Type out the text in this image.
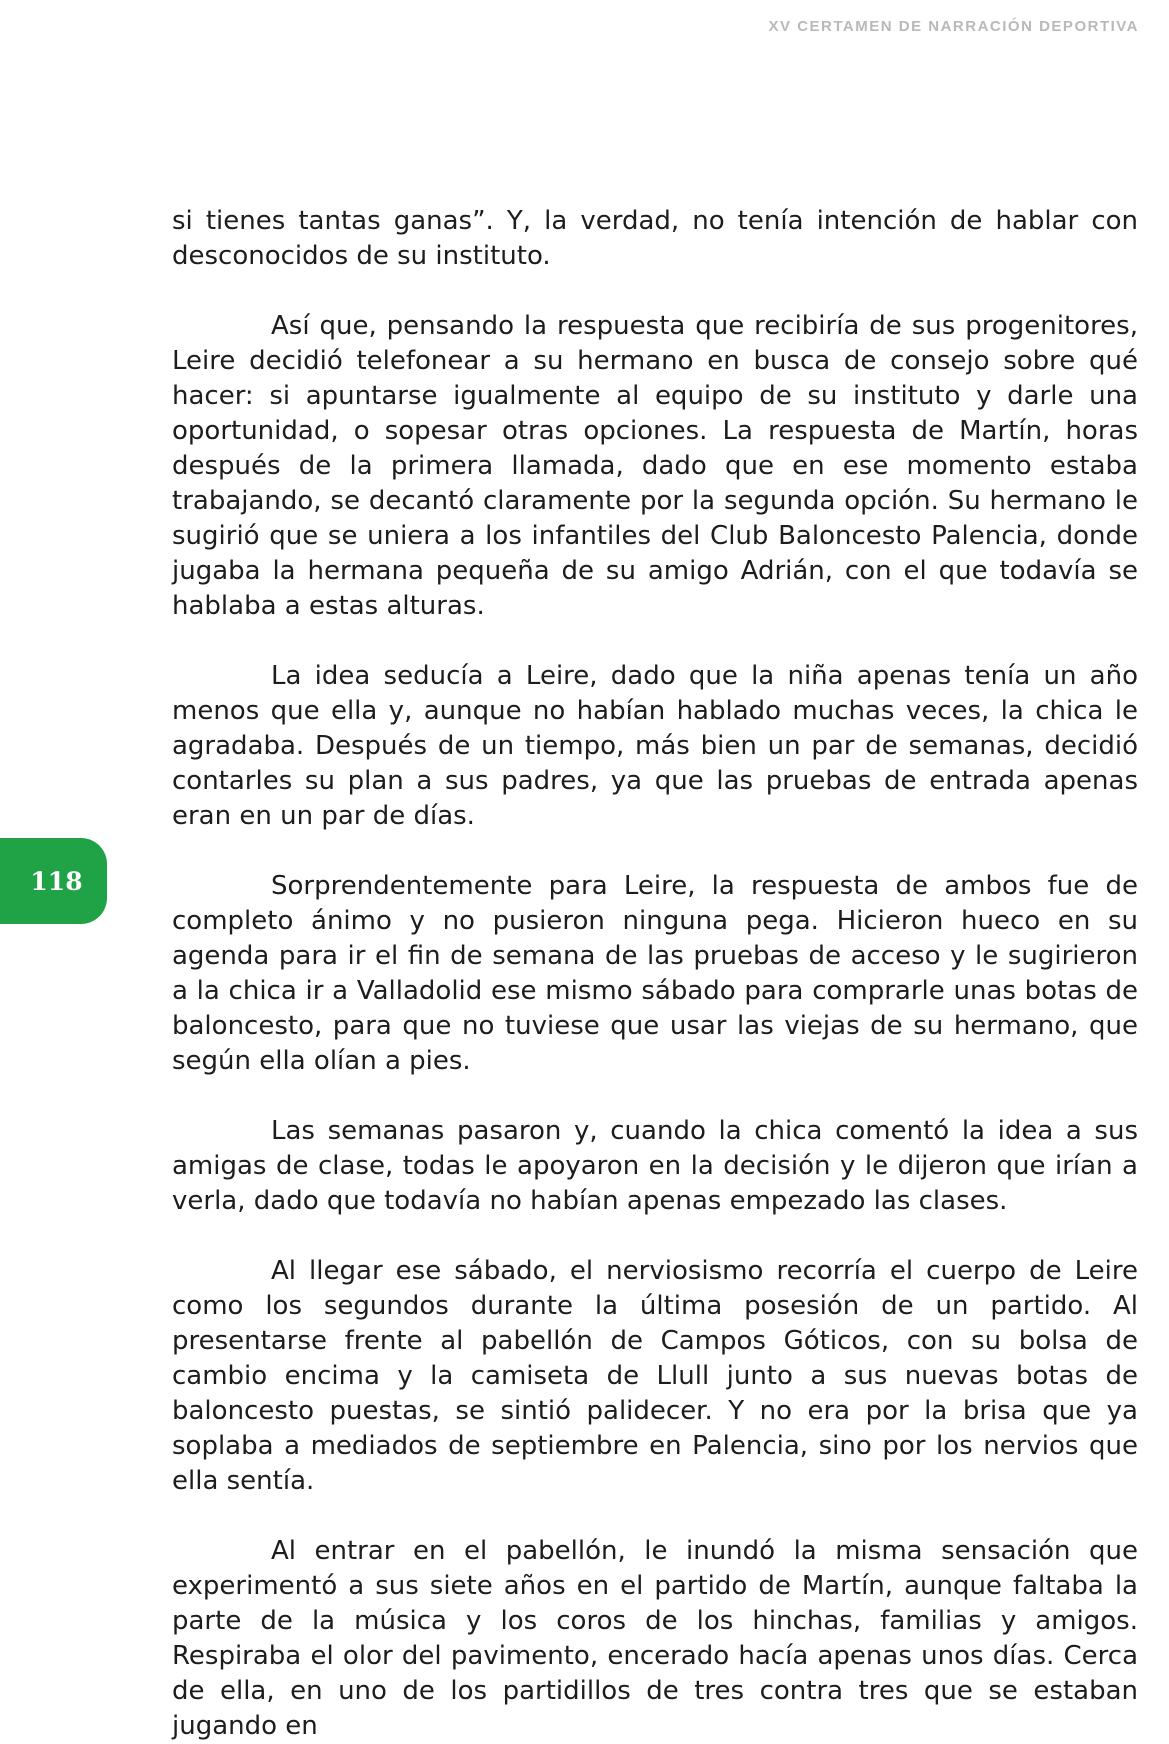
XV CERTAMEN DE NARRACIÓN DEPORTIVA
118

si tienes tantas ganas”. Y, la verdad, no tenía intención de hablar con desconocidos de su instituto.

Así que, pensando la respuesta que recibiría de sus progenitores, Leire decidió telefonear a su hermano en busca de consejo sobre qué hacer: si apuntarse igualmente al equipo de su instituto y darle una oportunidad, o sopesar otras opciones. La respuesta de Martín, horas después de la primera llamada, dado que en ese momento estaba trabajando, se decantó claramente por la segunda opción. Su hermano le sugirió que se uniera a los infantiles del Club Baloncesto Palencia, donde jugaba la hermana pequeña de su amigo Adrián, con el que todavía se hablaba a estas alturas.

La idea seducía a Leire, dado que la niña apenas tenía un año menos que ella y, aunque no habían hablado muchas veces, la chica le agradaba. Después de un tiempo, más bien un par de semanas, decidió contarles su plan a sus padres, ya que las pruebas de entrada apenas eran en un par de días.

Sorprendentemente para Leire, la respuesta de ambos fue de completo ánimo y no pusieron ninguna pega. Hicieron hueco en su agenda para ir el fin de semana de las pruebas de acceso y le sugirieron a la chica ir a Valladolid ese mismo sábado para comprarle unas botas de baloncesto, para que no tuviese que usar las viejas de su hermano, que según ella olían a pies.

Las semanas pasaron y, cuando la chica comentó la idea a sus amigas de clase, todas le apoyaron en la decisión y le dijeron que irían a verla, dado que todavía no habían apenas empezado las clases.

Al llegar ese sábado, el nerviosismo recorría el cuerpo de Leire como los segundos durante la última posesión de un partido. Al presentarse frente al pabellón de Campos Góticos, con su bolsa de cambio encima y la camiseta de Llull junto a sus nuevas botas de baloncesto puestas, se sintió palidecer. Y no era por la brisa que ya soplaba a mediados de septiembre en Palencia, sino por los nervios que ella sentía.

Al entrar en el pabellón, le inundó la misma sensación que experimentó a sus siete años en el partido de Martín, aunque faltaba la parte de la música y los coros de los hinchas, familias y amigos. Respiraba el olor del pavimento, encerado hacía apenas unos días. Cerca de ella, en uno de los partidillos de tres contra tres que se estaban jugando en
